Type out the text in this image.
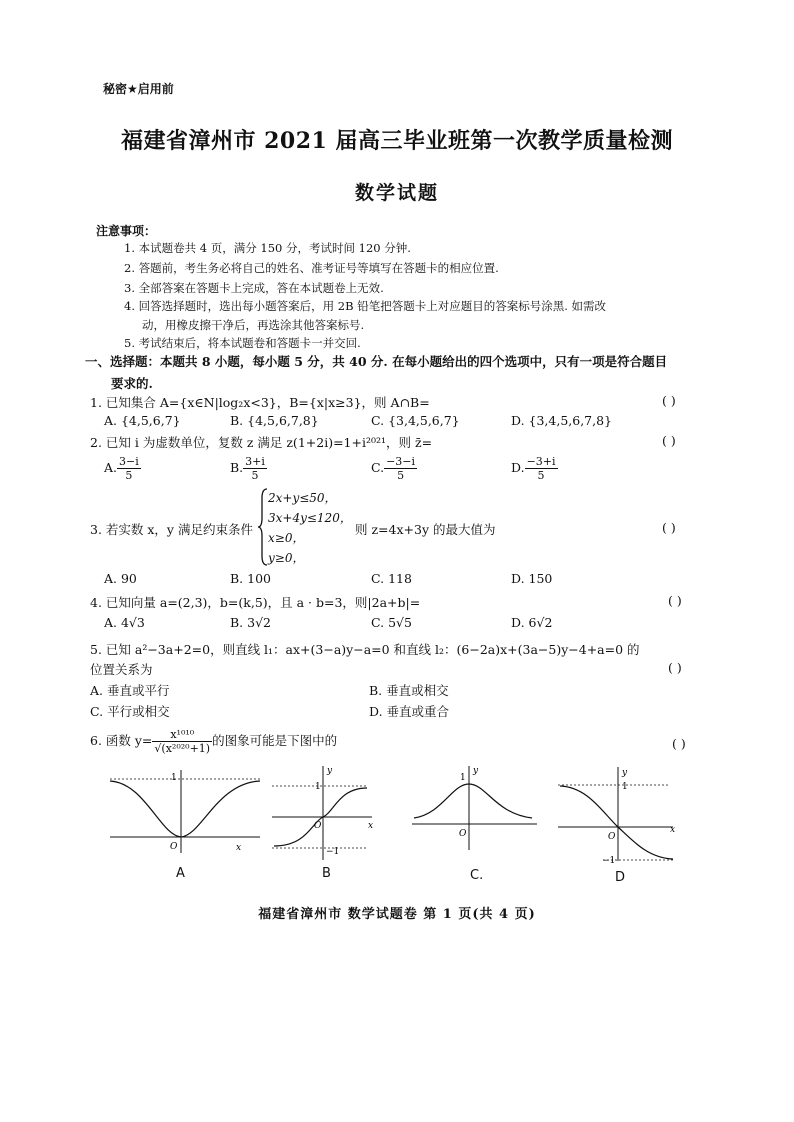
秘密★启用前
福建省漳州市 2021 届高三毕业班第一次教学质量检测
数学试题
注意事项：
1. 本试题卷共 4 页，满分 150 分，考试时间 120 分钟.
2. 答题前，考生务必将自己的姓名、准考证号等填写在答题卡的相应位置.
3. 全部答案在答题卡上完成，答在本试题卷上无效.
4. 回答选择题时，选出每小题答案后，用 2B 铅笔把答题卡上对应题目的答案标号涂黑. 如需改
动，用橡皮擦干净后，再选涂其他答案标号.
5. 考试结束后，将本试题卷和答题卡一并交回.
一、选择题：本题共 8 小题，每小题 5 分，共 40 分. 在每小题给出的四个选项中，只有一项是符合题目
要求的.
1. 已知集合 A={x∈N|log₂x<3}，B={x|x≥3}，则 A∩B=	( )
A. {4,5,6,7}	B. {4,5,6,7,8}	C. {3,4,5,6,7}	D. {3,4,5,6,7,8}
2. 已知 i 为虚数单位，复数 z 满足 z(1+2i)=1+i²⁰²¹，则 z̄=	( )
A. $\frac{3-i}{5}$	B. $\frac{3+i}{5}$	C. $\frac{-3-i}{5}$	D. $\frac{-3+i}{5}$
3. 若实数 x，y 满足约束条件
2x+y≤50，
3x+4y≤120，
x≥0，
y≥0，
则 z=4x+3y 的最大值为	( )
A. 90	B. 100	C. 118	D. 150
4. 已知向量 a=(2,3)，b=(k,5)，且 a · b=3，则|2a+b|=	( )
A. 4√3	B. 3√2	C. 5√5	D. 6√2
5. 已知 a²−3a+2=0，则直线 l₁：ax+(3−a)y−a=0 和直线 l₂：(6−2a)x+(3a−5)y−4+a=0 的
位置关系为	( )
A. 垂直或平行	B. 垂直或相交
C. 平行或相交	D. 垂直或重合
6. 函数 $y= \frac{\text{x¹⁰¹⁰}}{\text{√(x²⁰²⁰+1)}}$ 的图象可能是下图中的	( )
1
O	x
A
y
1
O	x
−1
B
y
1
O
C.
y
1
O
x
−1
D
福建省漳州市 数学试题卷 第 1 页(共 4 页)
